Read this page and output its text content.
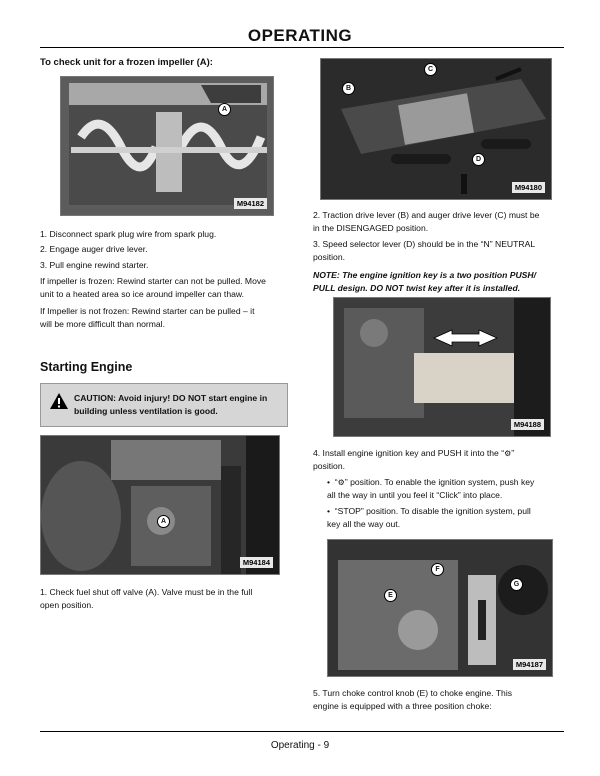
OPERATING
To check unit for a frozen impeller (A):
M94182
A
1. Disconnect spark plug wire from spark plug.
2. Engage auger drive lever.
3. Pull engine rewind starter.
If impeller is frozen: Rewind starter can not be pulled. Move
unit to a heated area so ice around impeller can thaw.
If Impeller is not frozen: Rewind starter can be pulled – it
will be more difficult than normal.
Starting Engine
CAUTION: Avoid injury! DO NOT start engine in
building unless ventilation is good.
M94184
A
1. Check fuel shut off valve (A). Valve must be in the full
open position.
M94180
B
C
D
2. Traction drive lever (B) and auger drive lever (C) must be
in the DISENGAGED position.
3. Speed selector lever (D) should be in the “N” NEUTRAL
position.
NOTE: The engine ignition key is a two position PUSH/
PULL design. DO NOT twist key after it is installed.
M94188
4. Install engine ignition key and PUSH it into the “⚙”
position.
• “⚙” position. To enable the ignition system, push key
all the way in until you feel it “Click” into place.
• “STOP” position. To disable the ignition system, pull
key all the way out.
M94187
E
F
G
5. Turn choke control knob (E) to choke engine. This
engine is equipped with a three position choke:
Operating - 9
